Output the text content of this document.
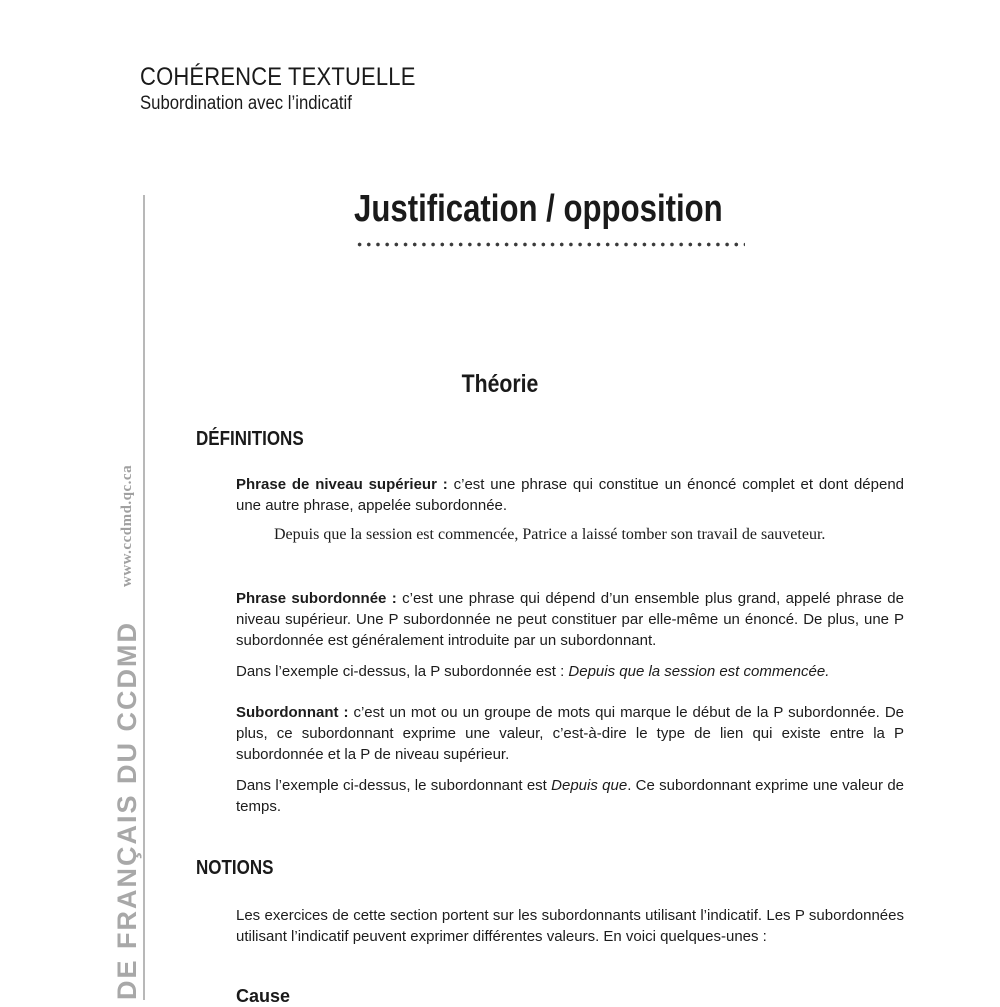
COHÉRENCE TEXTUELLE
Subordination avec l’indicatif
DE FRANÇAIS DU CCDMD
www.ccdmd.qc.ca
Justification / opposition
Théorie
DÉFINITIONS
Phrase de niveau supérieur : c’est une phrase qui constitue un énoncé complet et dont dépend une autre phrase, appelée subordonnée.
Depuis que la session est commencée, Patrice a laissé tomber son travail de sauveteur.
Phrase subordonnée : c’est une phrase qui dépend d’un ensemble plus grand, appelé phrase de niveau supérieur. Une P subordonnée ne peut constituer par elle-même un énoncé. De plus, une P subordonnée est généralement introduite par un subordonnant.
Dans l’exemple ci-dessus, la P subordonnée est : Depuis que la session est commencée.
Subordonnant : c’est un mot ou un groupe de mots qui marque le début de la P subordonnée. De plus, ce subordonnant exprime une valeur, c’est-à-dire le type de lien qui existe entre la P subordonnée et la P de niveau supérieur.
Dans l’exemple ci-dessus, le subordonnant est Depuis que. Ce subordonnant exprime une valeur de temps.
NOTIONS
Les exercices de cette section portent sur les subordonnants utilisant l’indicatif. Les P subordonnées utilisant l’indicatif peuvent exprimer différentes valeurs. En voici quelques-unes :
Cause
